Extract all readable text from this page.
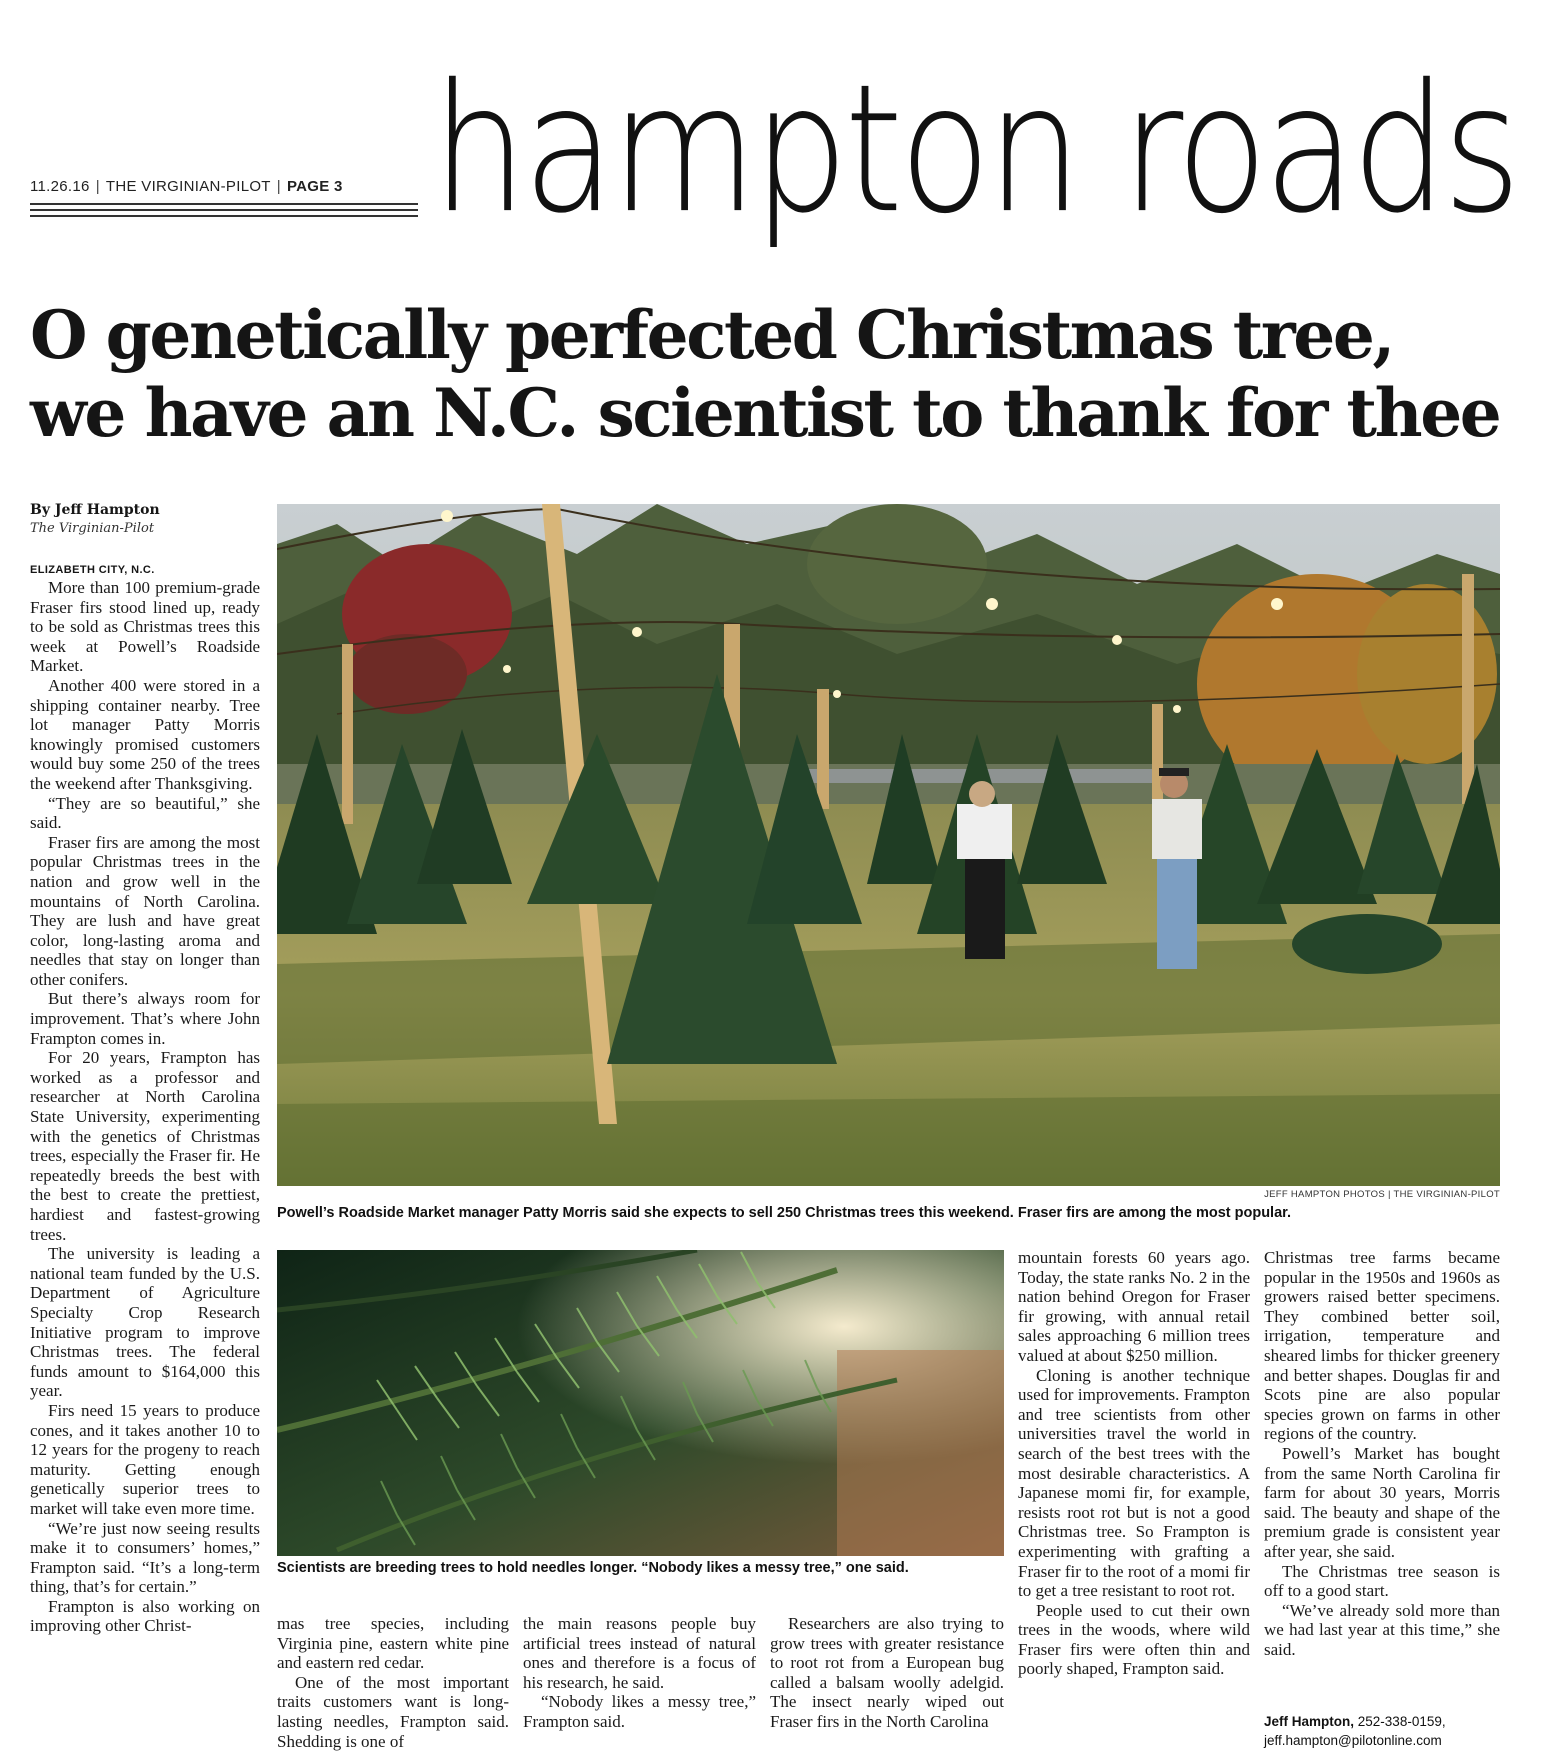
11.26.16 | THE VIRGINIAN-PILOT | PAGE 3 hampton roads
O genetically perfected Christmas tree,
we have an N.C. scientist to thank for thee
By Jeff Hampton
The Virginian-Pilot
ELIZABETH CITY, N.C.

More than 100 premium-grade Fraser firs stood lined up, ready to be sold as Christmas trees this week at Powell’s Roadside Market.

Another 400 were stored in a shipping container nearby. Tree lot manager Patty Morris knowingly promised customers would buy some 250 of the trees the weekend after Thanksgiving.

“They are so beautiful,” she said.

Fraser firs are among the most popular Christmas trees in the nation and grow well in the mountains of North Carolina. They are lush and have great color, long-lasting aroma and needles that stay on longer than other conifers.

But there’s always room for improvement. That’s where John Frampton comes in.

For 20 years, Frampton has worked as a professor and researcher at North Carolina State University, experimenting with the genetics of Christmas trees, especially the Fraser fir. He repeatedly breeds the best with the best to create the prettiest, hardiest and fastest-growing trees.

The university is leading a national team funded by the U.S. Department of Agriculture Specialty Crop Research Initiative program to improve Christmas trees. The federal funds amount to $164,000 this year.

Firs need 15 years to produce cones, and it takes another 10 to 12 years for the progeny to reach maturity. Getting enough genetically superior trees to market will take even more time.

“We’re just now seeing results make it to consumers’ homes,” Frampton said. “It’s a long-term thing, that’s for certain.”

Frampton is also working on improving other Christ-

JEFF HAMPTON PHOTOS | THE VIRGINIAN-PILOT
Powell’s Roadside Market manager Patty Morris said she expects to sell 250 Christmas trees this weekend. Fraser firs are among the most popular.
Scientists are breeding trees to hold needles longer. “Nobody likes a messy tree,” one said.

mas tree species, including Virginia pine, eastern white pine and eastern red cedar.

One of the most important traits customers want is long-lasting needles, Frampton said. Shedding is one of

the main reasons people buy artificial trees instead of natural ones and therefore is a focus of his research, he said.

“Nobody likes a messy tree,” Frampton said.

Researchers are also trying to grow trees with greater resistance to root rot from a European bug called a balsam woolly adelgid. The insect nearly wiped out Fraser firs in the North Carolina

mountain forests 60 years ago. Today, the state ranks No. 2 in the nation behind Oregon for Fraser fir growing, with annual retail sales approaching 6 million trees valued at about $250 million.

Cloning is another technique used for improvements. Frampton and tree scientists from other universities travel the world in search of the best trees with the most desirable characteristics. A Japanese momi fir, for example, resists root rot but is not a good Christmas tree. So Frampton is experimenting with grafting a Fraser fir to the root of a momi fir to get a tree resistant to root rot.

People used to cut their own trees in the woods, where wild Fraser firs were often thin and poorly shaped, Frampton said.

Christmas tree farms became popular in the 1950s and 1960s as growers raised better specimens. They combined better soil, irrigation, temperature and sheared limbs for thicker greenery and better shapes. Douglas fir and Scots pine are also popular species grown on farms in other regions of the country.

Powell’s Market has bought from the same North Carolina fir farm for about 30 years, Morris said. The beauty and shape of the premium grade is consistent year after year, she said.

The Christmas tree season is off to a good start.

“We’ve already sold more than we had last year at this time,” she said.

Jeff Hampton, 252-338-0159,
jeff.hampton@pilotonline.com
